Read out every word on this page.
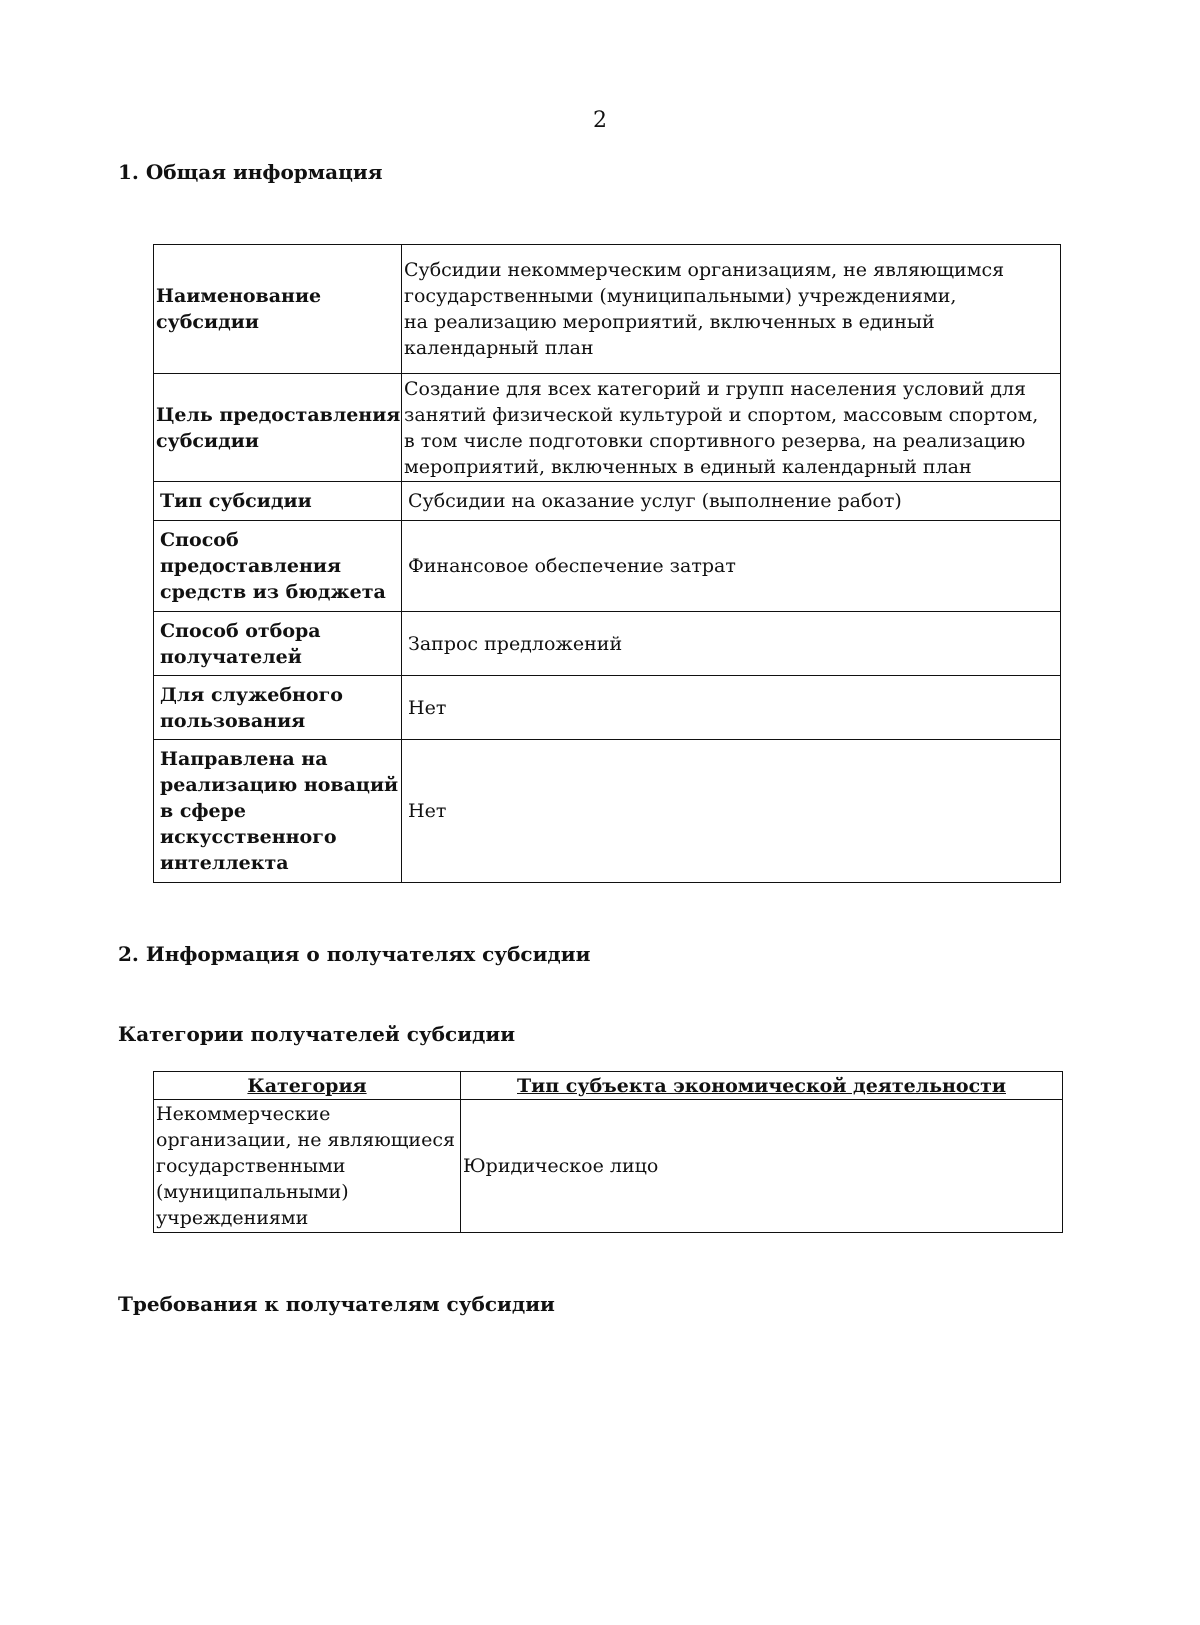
2
1. Общая информация
Наименование
субсидии	Субсидии некоммерческим организациям, не являющимся
государственными (муниципальными) учреждениями,
на реализацию мероприятий, включенных в единый
календарный план

Цель предоставления
субсидии	Создание для всех категорий и групп населения условий для
занятий физической культурой и спортом, массовым спортом,
в том числе подготовки спортивного резерва, на реализацию
мероприятий, включенных в единый календарный план

Тип субсидии	Субсидии на оказание услуг (выполнение работ)

Способ
предоставления
средств из бюджета	Финансовое обеспечение затрат

Способ отбора
получателей	Запрос предложений

Для служебного
пользования	Нет

Направлена на
реализацию новаций
в сфере
искусственного
интеллекта	Нет
2. Информация о получателях субсидии
Категории получателей субсидии
Категория	Тип субъекта экономической деятельности

Некоммерческие
организации, не являющиеся
государственными
(муниципальными)
учреждениями	Юридическое лицо
Требования к получателям субсидии
